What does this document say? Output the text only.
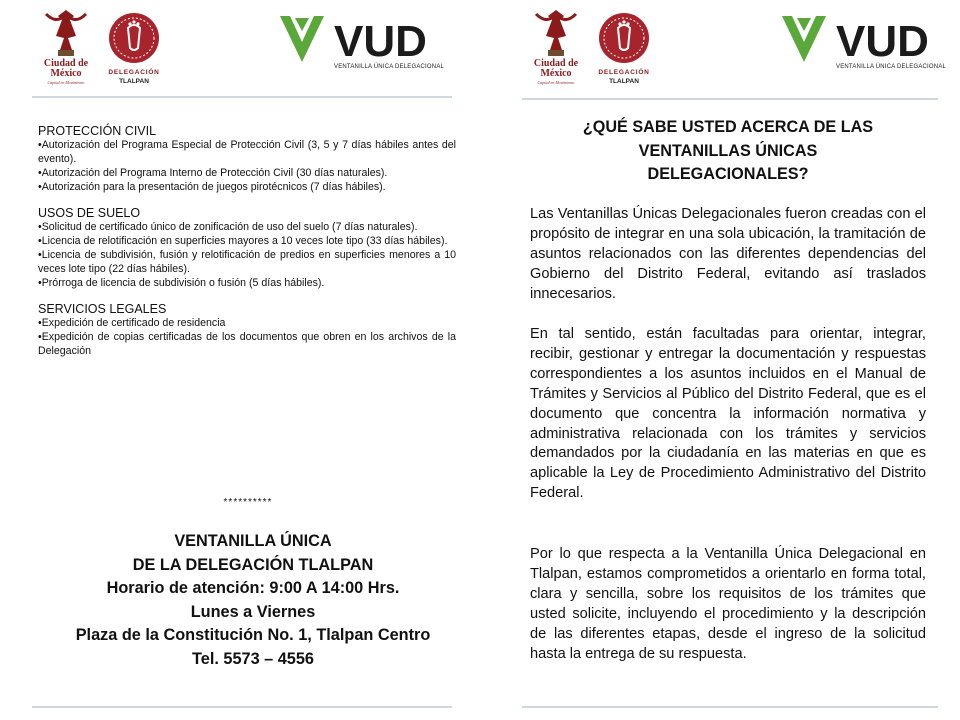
Ciudad de
México
Capital en Movimiento
DELEGACIÓN
TLALPAN
VUD
VENTANILLA ÚNICA DELEGACIONAL

PROTECCIÓN CIVIL

•Autorización del Programa Especial de Protección Civil (3, 5 y 7 días hábiles antes del evento).

•Autorización del Programa Interno de Protección Civil (30 días naturales).

•Autorización para la presentación de juegos pirotécnicos (7 días hábiles).

USOS DE SUELO

•Solicitud de certificado único de zonificación de uso del suelo (7 días naturales).

•Licencia de relotificación en superficies mayores a 10 veces lote tipo (33 días hábiles).

•Licencia de subdivisión, fusión y relotificación de predios en superficies menores a 10 veces lote tipo (22 días hábiles).

•Prórroga de licencia de subdivisión o fusión (5 días hábiles).

SERVICIOS LEGALES

•Expedición de certificado de residencia

•Expedición de copias certificadas de los documentos que obren en los archivos de la Delegación

**********
VENTANILLA ÚNICA
DE LA DELEGACIÓN TLALPAN
Horario de atención: 9:00 A 14:00 Hrs.
Lunes a Viernes
Plaza de la Constitución No. 1, Tlalpan Centro
Tel. 5573 – 4556
Ciudad de
México
Capital en Movimiento
DELEGACIÓN
TLALPAN
VUD
VENTANILLA ÚNICA DELEGACIONAL
¿QUÉ SABE USTED ACERCA DE LAS
VENTANILLAS ÚNICAS
DELEGACIONALES?

Las Ventanillas Únicas Delegacionales fueron creadas con el propósito de integrar en una sola ubicación, la tramitación de asuntos relacionados con las diferentes dependencias del Gobierno del Distrito Federal, evitando así traslados innecesarios.

En tal sentido, están facultadas para orientar, integrar, recibir, gestionar y entregar la documentación y respuestas correspondientes a los asuntos incluidos en el Manual de Trámites y Servicios al Público del Distrito Federal, que es el documento que concentra la información normativa y administrativa relacionada con los trámites y servicios demandados por la ciudadanía en las materias en que es aplicable la Ley de Procedimiento Administrativo del Distrito Federal.

Por lo que respecta a la Ventanilla Única Delegacional en Tlalpan, estamos comprometidos a orientarlo en forma total, clara y sencilla, sobre los requisitos de los trámites que usted solicite, incluyendo el procedimiento y la descripción de las diferentes etapas, desde el ingreso de la solicitud hasta la entrega de su respuesta.
